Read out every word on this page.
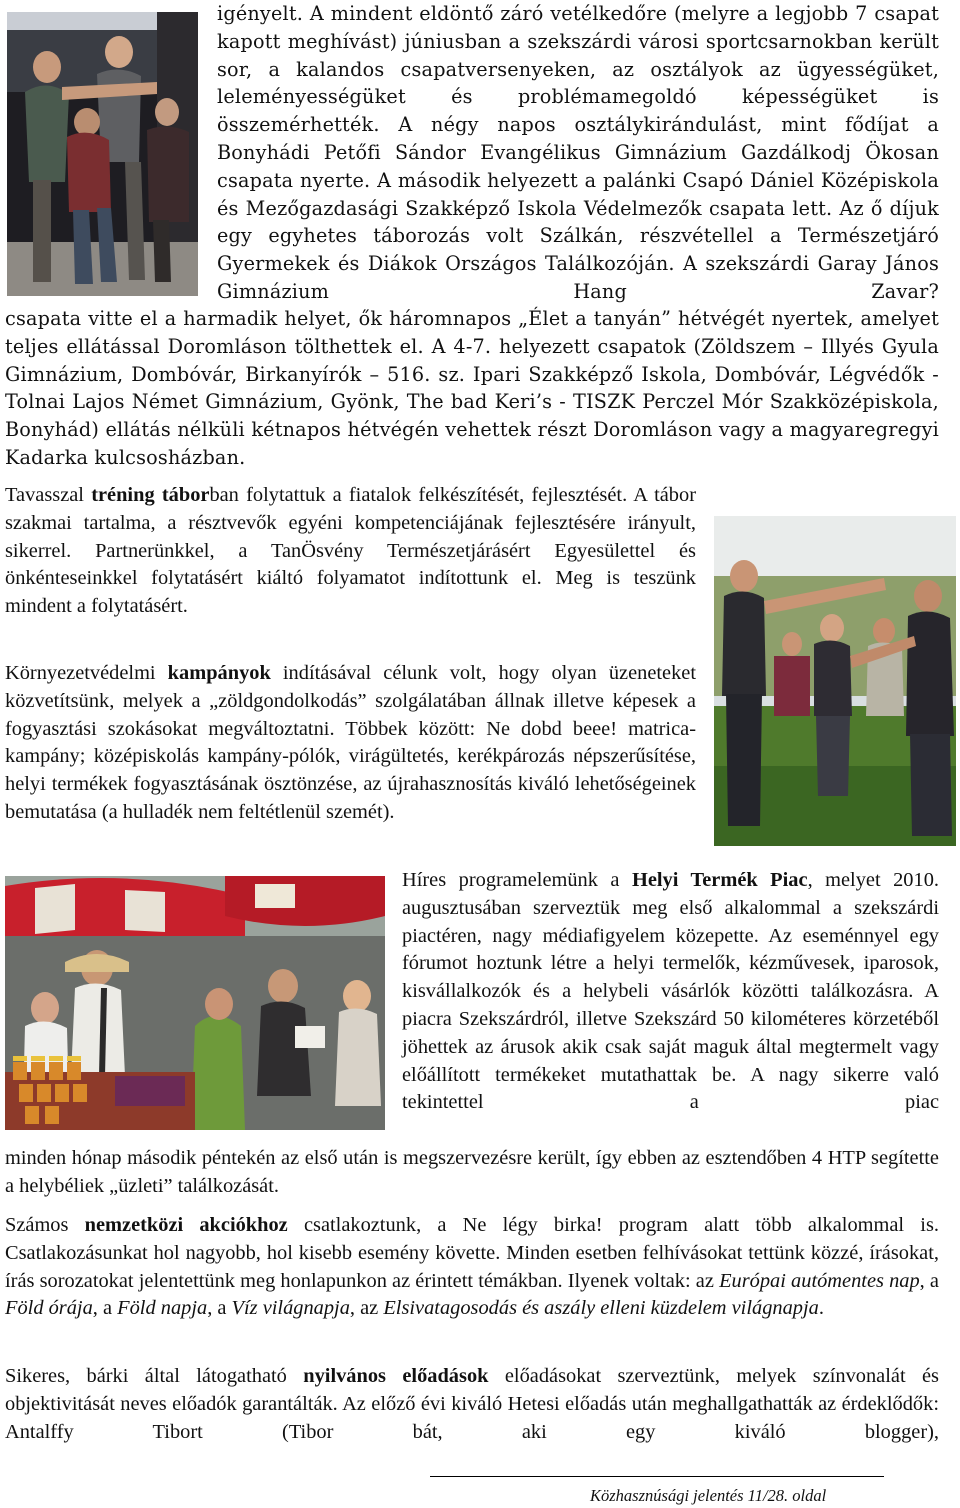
igényelt. A mindent eldöntő záró vetélkedőre (melyre a legjobb 7 csapat kapott meghívást) júniusban a szekszárdi városi sportcsarnokban került sor, a kalandos csapatversenyeken, az osztályok az ügyességüket, leleményességüket és problémamegoldó képességüket is összemérhették. A négy napos osztálykirándulást, mint fődíjat a Bonyhádi Petőfi Sándor Evangélikus Gimnázium Gazdálkodj Ökosan csapata nyerte. A második helyezett a palánki Csapó Dániel Középiskola és Mezőgazdasági Szakképző Iskola Védelmezők csapata lett. Az ő díjuk egy egyhetes táborozás volt Szálkán, részvétellel a Természetjáró Gyermekek és Diákok Országos Találkozóján. A szekszárdi Garay János Gimnázium Hang Zavar?

csapata vitte el a harmadik helyet, ők háromnapos „Élet a tanyán” hétvégét nyertek, amelyet teljes ellátással Doromláson tölthettek el. A 4-7. helyezett csapatok (Zöldszem – Illyés Gyula Gimnázium, Dombóvár, Birkanyírók – 516. sz. Ipari Szakképző Iskola, Dombóvár, Légvédők - Tolnai Lajos Német Gimnázium, Gyönk, The bad Keri’s - TISZK Perczel Mór Szakközépiskola, Bonyhád) ellátás nélküli kétnapos hétvégén vehettek részt Doromláson vagy a magyaregregyi Kadarka kulcsosházban.

Tavasszal tréning táborban folytattuk a fiatalok felkészítését, fejlesztését. A tábor szakmai tartalma, a résztvevők egyéni kompetenciájának fejlesztésére irányult, sikerrel. Partnerünkkel, a TanÖsvény Természetjárásért Egyesülettel és önkénteseinkkel folytatásért kiáltó folyamatot indítottunk el. Meg is teszünk mindent a folytatásért.

Környezetvédelmi kampányok indításával célunk volt, hogy olyan üzeneteket közvetítsünk, melyek a „zöldgondolkodás” szolgálatában állnak illetve képesek a fogyasztási szokásokat megváltoztatni. Többek között: Ne dobd beee! matrica-kampány; középiskolás kampány-pólók, virágültetés, kerékpározás népszerűsítése, helyi termékek fogyasztásának ösztönzése, az újrahasznosítás kiváló lehetőségeinek bemutatása (a hulladék nem feltétlenül szemét).

Híres programelemünk a Helyi Termék Piac, melyet 2010. augusztusában szerveztük meg első alkalommal a szekszárdi piactéren, nagy médiafigyelem közepette. Az eseménnyel egy fórumot hoztunk létre a helyi termelők, kézművesek, iparosok, kisvállalkozók és a helybeli vásárlók közötti találkozásra. A piacra Szekszárdról, illetve Szekszárd 50 kilométeres körzetéből jöhettek az árusok akik csak saját maguk által megtermelt vagy előállított termékeket mutathattak be. A nagy sikerre való tekintettel a piac

minden hónap második péntekén az első után is megszervezésre került, így ebben az esztendőben 4 HTP segítette a helybéliek „üzleti” találkozását.

Számos nemzetközi akciókhoz csatlakoztunk, a Ne légy birka! program alatt több alkalommal is. Csatlakozásunkat hol nagyobb, hol kisebb esemény követte. Minden esetben felhívásokat tettünk közzé, írásokat, írás sorozatokat jelentettünk meg honlapunkon az érintett témákban. Ilyenek voltak: az Európai autómentes nap, a Föld órája, a Föld napja, a Víz világnapja, az Elsivatagosodás és aszály elleni küzdelem világnapja.

Sikeres, bárki által látogatható nyilvános előadások előadásokat szerveztünk, melyek színvonalát és objektivitását neves előadók garantálták. Az előző évi kiváló Hetesi előadás után meghallgathatták az érdeklődők: Antalffy Tibort (Tibor bát, aki egy kiváló blogger),

Közhasznúsági jelentés 11/28. oldal
